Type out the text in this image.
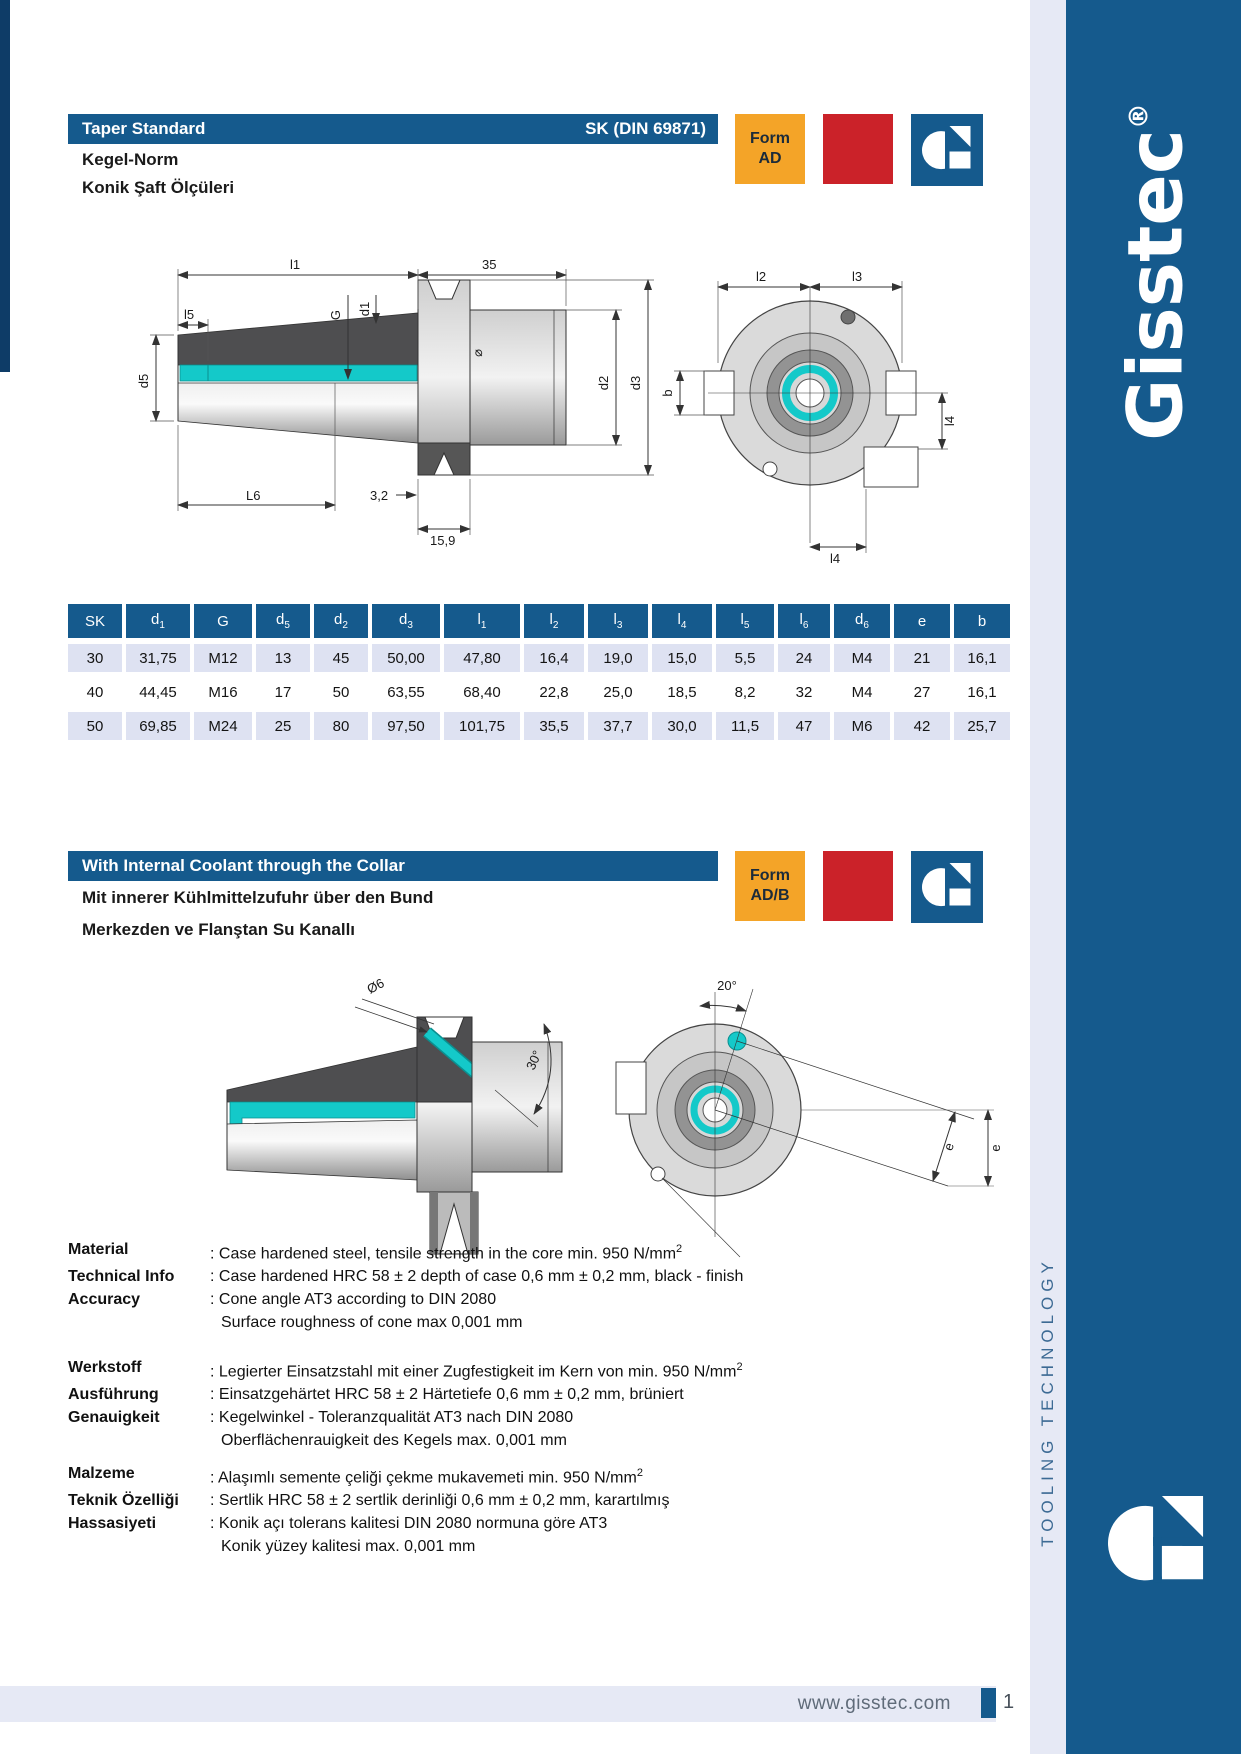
Gisstec®
TOOLING TECHNOLOGY
Taper Standard	SK (DIN 69871)
Kegel-Norm
Konik Şaft Ölçüleri
Form
AD
l1	35
l5
d5
G d1
L6	3,2
15,9
⌀
d2 d3
l2	l3
b
l4
l4
SK	$d_1$	G	$d_5$	$d_2$	$d_3$	$l_1$	$l_2$	$l_3$	$l_4$	$l_5$	$l_6$	$d_6$	e	b
30	31,75	M12	13	45	50,00	47,80	16,4	19,0	15,0	5,5	24	M4	21	16,1
40	44,45	M16	17	50	63,55	68,40	22,8	25,0	18,5	8,2	32	M4	27	16,1
50	69,85	M24	25	80	97,50	101,75	35,5	37,7	30,0	11,5	47	M6	42	25,7
With Internal Coolant through the Collar
Mit innerer Kühlmittelzufuhr über den Bund
Merkezden ve Flanştan Su Kanallı
Form
AD/B
Ø6
30°
20°
e e
Material	: Case hardened steel, tensile strength in the core min. 950 $N/mm^2$
Technical Info	: Case hardened HRC 58 ± 2 depth of case 0,6 mm ± 0,2 mm, black - finish
Accuracy	: Cone angle AT3 according to DIN 2080
Surface roughness of cone max 0,001 mm
Werkstoff	: Legierter Einsatzstahl mit einer Zugfestigkeit im Kern von min. 950 $N/mm^2$
Ausführung	: Einsatzgehärtet HRC 58 ± 2 Härtetiefe 0,6 mm ± 0,2 mm, brüniert
Genauigkeit	: Kegelwinkel - Toleranzqualität AT3 nach DIN 2080
Oberflächenrauigkeit des Kegels max. 0,001 mm
Malzeme	: Alaşımlı semente çeliği çekme mukavemeti min. 950 $N/mm^2$
Teknik Özelliği	: Sertlik HRC 58 ± 2 sertlik derinliği 0,6 mm ± 0,2 mm, karartılmış
Hassasiyeti	: Konik açı tolerans kalitesi DIN 2080 normuna göre AT3
Konik yüzey kalitesi max. 0,001 mm
www.gisstec.com	1
